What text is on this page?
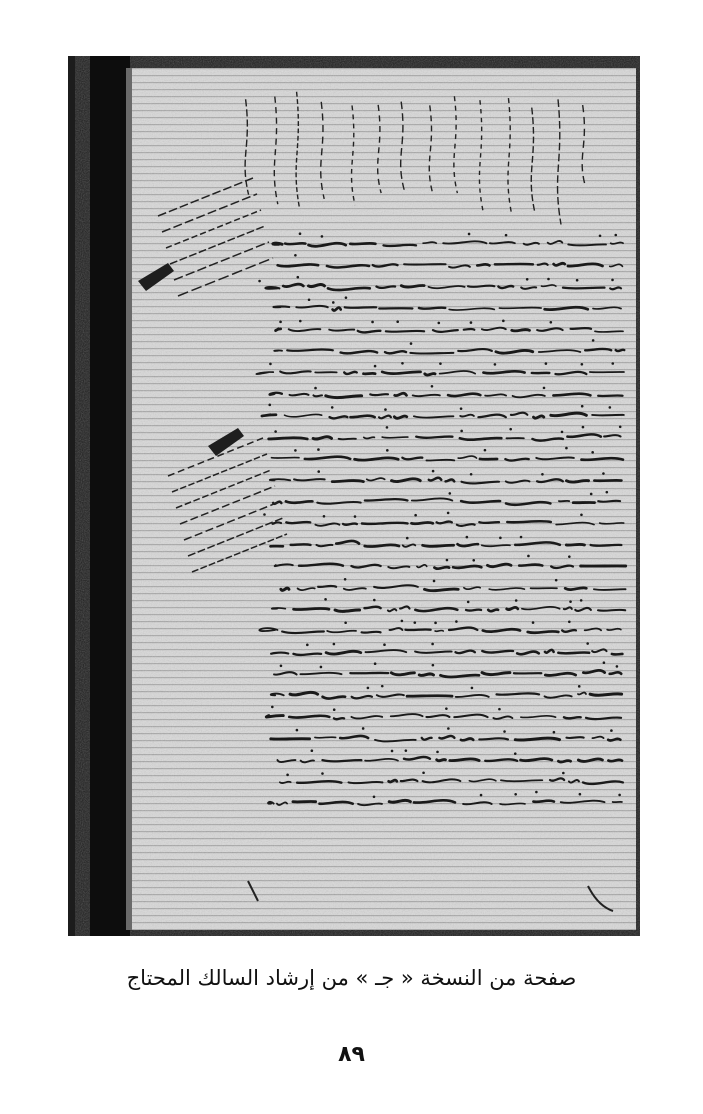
صفحة من النسخة « جـ » من إرشاد السالك المحتاج
٨٩
